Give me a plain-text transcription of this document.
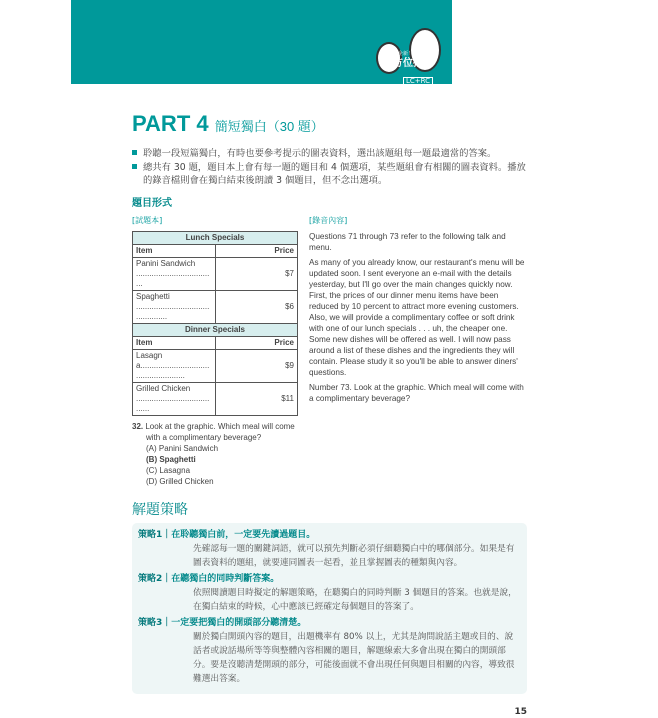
全新！新制多益
全方位指南
LC+RC
PART 4 簡短獨白（30 題）
聆聽一段短篇獨白，有時也要參考提示的圖表資料，選出該題組每一題最適當的答案。
總共有 30 題，題目本上會有每一題的題目和 4 個選項，某些題組會有相關的圖表資料。播放的錄音檔則會在獨白結束後朗讀 3 個題目，但不念出選項。
題目形式
[試題本]
Lunch Specials	
Item	Price
Panini Sandwich ....................................	$7
Spaghetti ...............................................	$6
Dinner Specials	
Item	Price
Lasagna.....................................................	$9
Grilled Chicken .......................................	$11
32. Look at the graphic. Which meal will come with a complimentary beverage?
(A) Panini Sandwich
(B) Spaghetti
(C) Lasagna
(D) Grilled Chicken
[錄音內容]

Questions 71 through 73 refer to the following talk and menu.

As many of you already know, our restaurant's menu will be updated soon. I sent everyone an e-mail with the details yesterday, but I'll go over the main changes quickly now. First, the prices of our dinner menu items have been reduced by 10 percent to attract more evening customers. Also, we will provide a complimentary coffee or soft drink with one of our lunch specials . . . uh, the cheaper one. Some new dishes will be offered as well. I will now pass around a list of these dishes and the ingredients they will contain. Please study it so you'll be able to answer diners' questions.

Number 73. Look at the graphic. Which meal will come with a complimentary beverage?

解題策略
策略1｜在聆聽獨白前，一定要先讀過題目。
先確認每一題的關鍵詞語，就可以預先判斷必須仔細聽獨白中的哪個部分。如果是有圖表資料的題組，就要連同圖表一起看，並且掌握圖表的種類與內容。
策略2｜在聽獨白的同時判斷答案。
依照閱讀題目時擬定的解題策略，在聽獨白的同時判斷 3 個題目的答案。也就是說，在獨白結束的時候，心中應該已經確定每個題目的答案了。
策略3｜一定要把獨白的開頭部分聽清楚。
關於獨白開頭內容的題目，出題機率有 80% 以上，尤其是詢問說話主題或目的、說話者或說話場所等等與整體內容相關的題目，解題線索大多會出現在獨白的開頭部分。要是沒聽清楚開頭的部分，可能後面就不會出現任何與題目相關的內容，導致很難選出答案。
15
